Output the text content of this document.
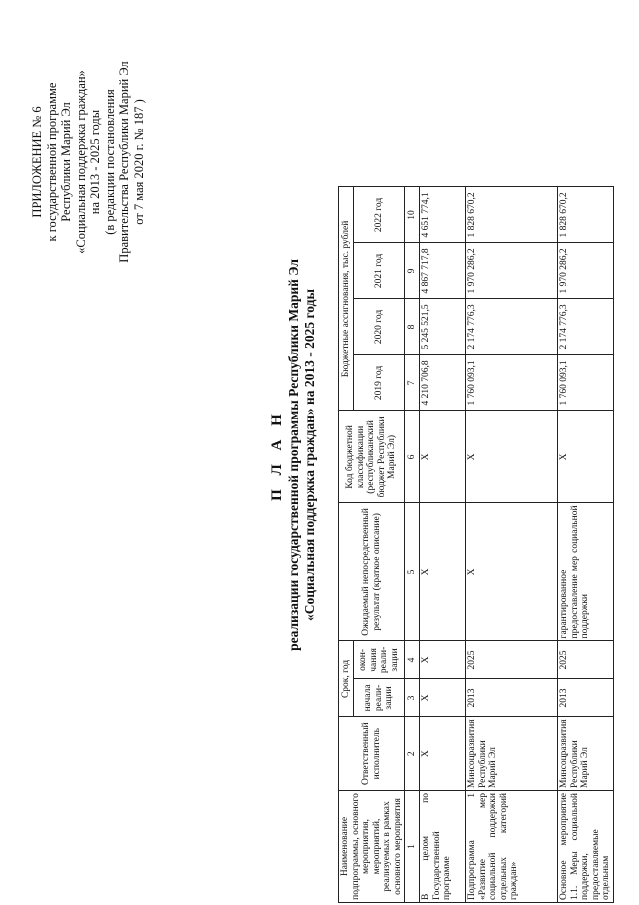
ПРИЛОЖЕНИЕ № 6 к государственной программе Республики Марий Эл «Социальная поддержка граждан» на 2013 - 2025 годы (в редакции постановления Правительства Республики Марий Эл от 7 мая 2020 г. № 187 )
П Л А Н реализации государственной программы Республики Марий Эл «Социальная поддержка граждан» на 2013 - 2025 годы
Наименование подпрограммы, основного мероприятия, мероприятий, реализуемых в рамках основного мероприятия	Ответственный исполнитель	Срок, год		Ожидаемый непосредственный результат (краткое описание)	Код бюджетной классификации (республиканский бюджет Республики Марий Эл)	Бюджетные ассигнования, тыс. рублей			
		начала реали-зации	окон-чания реали-зации			2019 год	2020 год	2021 год	2022 год
1	2	3	4	5	6	7	8	9	10
В целом по Государственной программе	Х	Х	Х	Х	Х	4 210 706,8	5 245 521,5	4 867 717,8	4 651 774,1
Подпрограмма 1 «Развитие мер социальной поддержки отдельных категорий граждан»	Минсоцразвития Республики Марий Эл	2013	2025	Х	Х	1 760 093,1	2 174 776,3	1 970 286,2	1 828 670,2
Основное мероприятие 1.1. Меры социальной поддержки, предоставляемые отдельным	Минсоцразвития Республики Марий Эл	2013	2025	гарантированное предоставление мер социальной поддержки	Х	1 760 093,1	2 174 776,3	1 970 286,2	1 828 670,2
